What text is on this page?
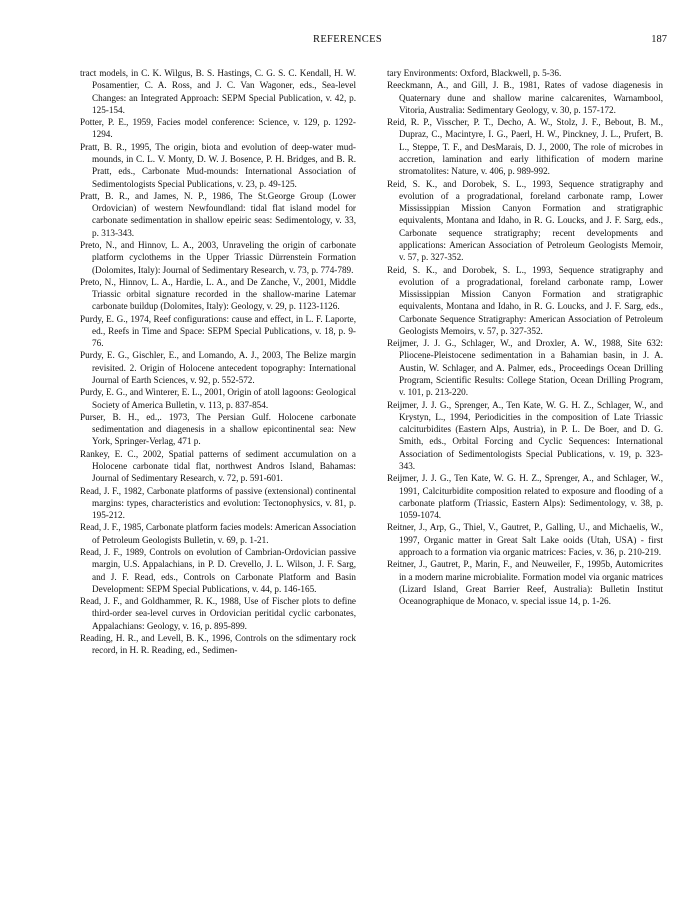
REFERENCES	187

tract models, in C. K. Wilgus, B. S. Hastings, C. G. S. C. Kendall, H. W. Posamentier, C. A. Ross, and J. C. Van Wagoner, eds., Sea-level Changes: an Integrated Approach: SEPM Special Publication, v. 42, p. 125-154.

Potter, P. E., 1959, Facies model conference: Science, v. 129, p. 1292-1294.

Pratt, B. R., 1995, The origin, biota and evolution of deep-water mud-mounds, in C. L. V. Monty, D. W. J. Bosence, P. H. Bridges, and B. R. Pratt, eds., Carbonate Mud-mounds: International Association of Sedimentologists Special Publications, v. 23, p. 49-125.

Pratt, B. R., and James, N. P., 1986, The St.George Group (Lower Ordovician) of western Newfoundland: tidal flat island model for carbonate sedimentation in shallow epeiric seas: Sedimentology, v. 33, p. 313-343.

Preto, N., and Hinnov, L. A., 2003, Unraveling the origin of carbonate platform cyclothems in the Upper Triassic Dürrenstein Formation (Dolomites, Italy): Journal of Sedimentary Research, v. 73, p. 774-789.

Preto, N., Hinnov, L. A., Hardie, L. A., and De Zanche, V., 2001, Middle Triassic orbital signature recorded in the shallow-marine Latemar carbonate buildup (Dolomites, Italy): Geology, v. 29, p. 1123-1126.

Purdy, E. G., 1974, Reef configurations: cause and effect, in L. F. Laporte, ed., Reefs in Time and Space: SEPM Special Publications, v. 18, p. 9-76.

Purdy, E. G., Gischler, E., and Lomando, A. J., 2003, The Belize margin revisited. 2. Origin of Holocene antecedent topography: International Journal of Earth Sciences, v. 92, p. 552-572.

Purdy, E. G., and Winterer, E. L., 2001, Origin of atoll lagoons: Geological Society of America Bulletin, v. 113, p. 837-854.

Purser, B. H., ed.,. 1973, The Persian Gulf. Holocene carbonate sedimentation and diagenesis in a shallow epicontinental sea: New York, Springer-Verlag, 471 p.

Rankey, E. C., 2002, Spatial patterns of sediment accumulation on a Holocene carbonate tidal flat, northwest Andros Island, Bahamas: Journal of Sedimentary Research, v. 72, p. 591-601.

Read, J. F., 1982, Carbonate platforms of passive (extensional) continental margins: types, characteristics and evolution: Tectonophysics, v. 81, p. 195-212.

Read, J. F., 1985, Carbonate platform facies models: American Association of Petroleum Geologists Bulletin, v. 69, p. 1-21.

Read, J. F., 1989, Controls on evolution of Cambrian-Ordovician passive margin, U.S. Appalachians, in P. D. Crevello, J. L. Wilson, J. F. Sarg, and J. F. Read, eds., Controls on Carbonate Platform and Basin Development: SEPM Special Publications, v. 44, p. 146-165.

Read, J. F., and Goldhammer, R. K., 1988, Use of Fischer plots to define third-order sea-level curves in Ordovician peritidal cyclic carbonates, Appalachians: Geology, v. 16, p. 895-899.

Reading, H. R., and Levell, B. K., 1996, Controls on the sdimentary rock record, in H. R. Reading, ed., Sedimen-

tary Environments: Oxford, Blackwell, p. 5-36.

Reeckmann, A., and Gill, J. B., 1981, Rates of vadose diagenesis in Quaternary dune and shallow marine calcarenites, Warnambool, Vitoria, Australia: Sedimentary Geology, v. 30, p. 157-172.

Reid, R. P., Visscher, P. T., Decho, A. W., Stolz, J. F., Bebout, B. M., Dupraz, C., Macintyre, I. G., Paerl, H. W., Pinckney, J. L., Prufert, B. L., Steppe, T. F., and DesMarais, D. J., 2000, The role of microbes in accretion, lamination and early lithification of modern marine stromatolites: Nature, v. 406, p. 989-992.

Reid, S. K., and Dorobek, S. L., 1993, Sequence stratigraphy and evolution of a progradational, foreland carbonate ramp, Lower Mississippian Mission Canyon Formation and stratigraphic equivalents, Montana and Idaho, in R. G. Loucks, and J. F. Sarg, eds., Carbonate sequence stratigraphy; recent developments and applications: American Association of Petroleum Geologists Memoir, v. 57, p. 327-352.

Reid, S. K., and Dorobek, S. L., 1993, Sequence stratigraphy and evolution of a progradational, foreland carbonate ramp, Lower Mississippian Mission Canyon Formation and stratigraphic equivalents, Montana and Idaho, in R. G. Loucks, and J. F. Sarg, eds., Carbonate Sequence Stratigraphy: American Association of Petroleum Geologists Memoirs, v. 57, p. 327-352.

Reijmer, J. J. G., Schlager, W., and Droxler, A. W., 1988, Site 632: Pliocene-Pleistocene sedimentation in a Bahamian basin, in J. A. Austin, W. Schlager, and A. Palmer, eds., Proceedings Ocean Drilling Program, Scientific Results: College Station, Ocean Drilling Program, v. 101, p. 213-220.

Reijmer, J. J. G., Sprenger, A., Ten Kate, W. G. H. Z., Schlager, W., and Krystyn, L., 1994, Periodicities in the composition of Late Triassic calciturbidites (Eastern Alps, Austria), in P. L. De Boer, and D. G. Smith, eds., Orbital Forcing and Cyclic Sequences: International Association of Sedimentologists Special Publications, v. 19, p. 323-343.

Reijmer, J. J. G., Ten Kate, W. G. H. Z., Sprenger, A., and Schlager, W., 1991, Calciturbidite composition related to exposure and flooding of a carbonate platform (Triassic, Eastern Alps): Sedimentology, v. 38, p. 1059-1074.

Reitner, J., Arp, G., Thiel, V., Gautret, P., Galling, U., and Michaelis, W., 1997, Organic matter in Great Salt Lake ooids (Utah, USA) - first approach to a formation via organic matrices: Facies, v. 36, p. 210-219.

Reitner, J., Gautret, P., Marin, F., and Neuweiler, F., 1995b, Automicrites in a modern marine microbialite. Formation model via organic matrices (Lizard Island, Great Barrier Reef, Australia): Bulletin Institut Oceanographique de Monaco, v. special issue 14, p. 1-26.
